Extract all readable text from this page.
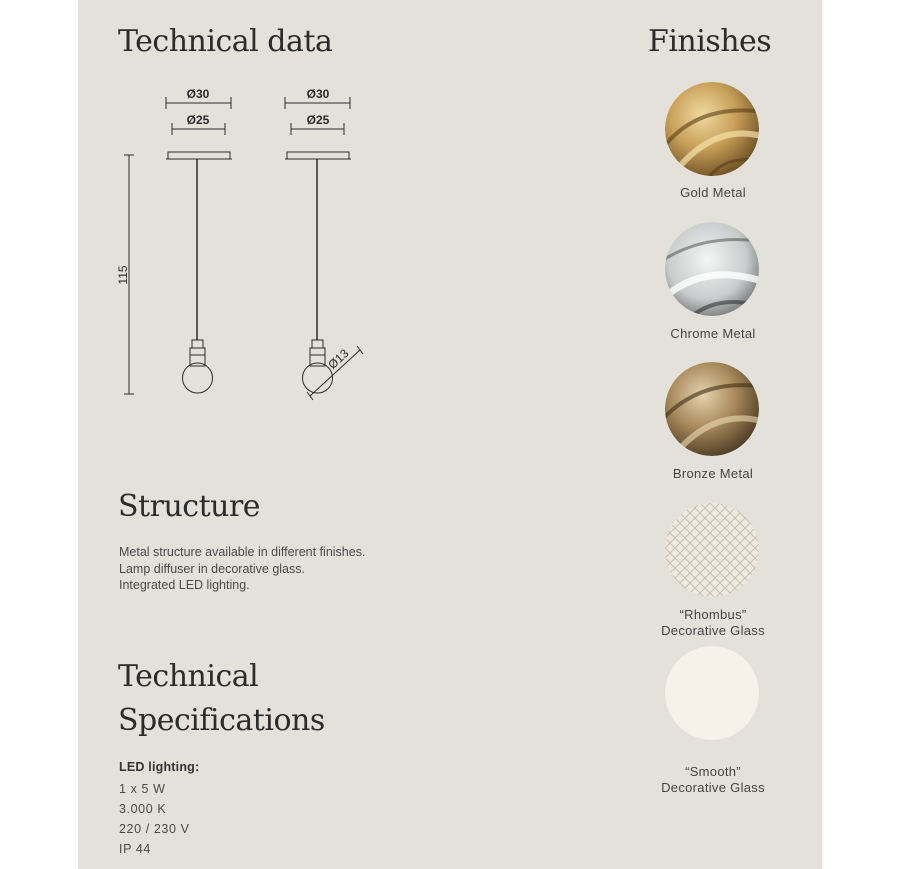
Technical data	Finishes
Ø30
Ø25
Ø30
Ø25
115
Ø13
Structure
Metal structure available in different finishes.
Lamp diffuser in decorative glass.
Integrated LED lighting.
Technical
Specifications
LED lighting:
1 x 5 W
3.000 K
220 / 230 V
IP 44
Gold Metal
Chrome Metal
Bronze Metal
“Rhombus”
Decorative Glass
“Smooth”
Decorative Glass
